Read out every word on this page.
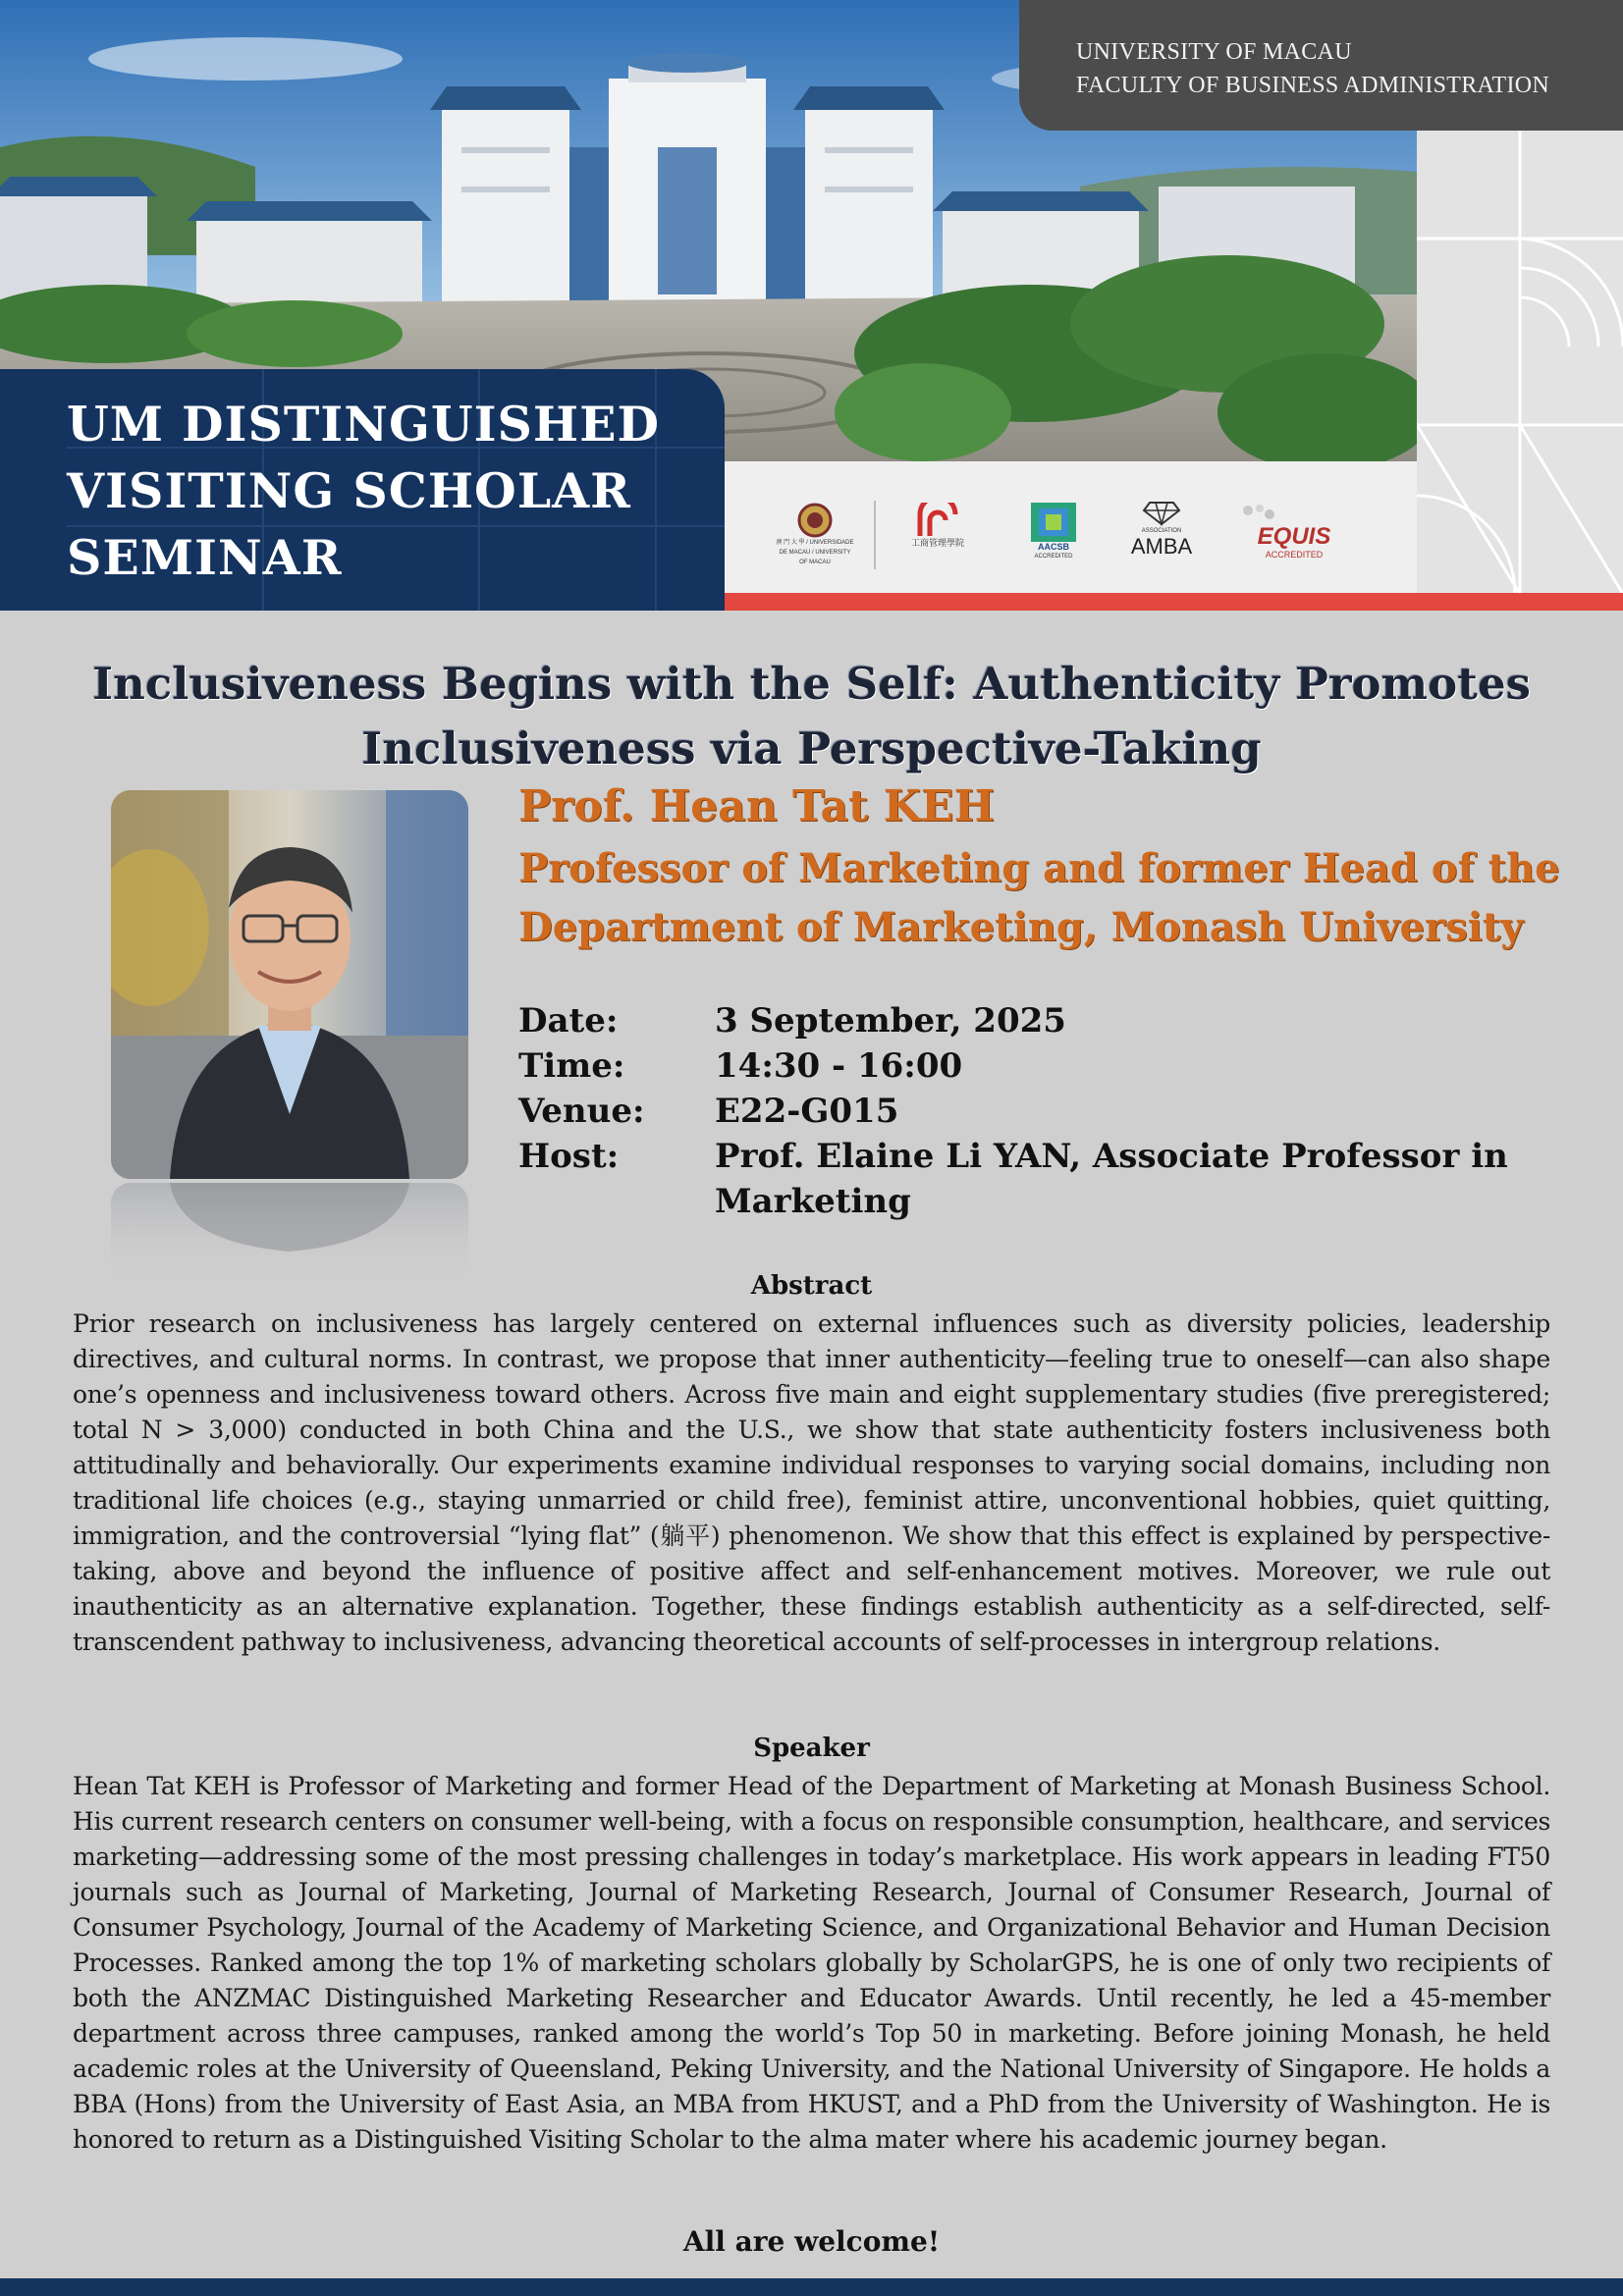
UNIVERSITY OF MACAU
FACULTY OF BUSINESS ADMINISTRATION
UM DISTINGUISHED
VISITING SCHOLAR
SEMINAR	澳 門 大 學 / UNIVERSIDADE DE MACAU / UNIVERSITY OF MACAU
工商管理學院	AACSB
ACCREDITED
ASSOCIATION
AMBA	EQUIS
ACCREDITED
Inclusiveness Begins with the Self: Authenticity Promotes
Inclusiveness via Perspective-Taking
Prof. Hean Tat KEH
Professor of Marketing and former Head of the
Department of Marketing, Monash University
Date:	3 September, 2025
Time:	14:30 - 16:00
Venue:	E22-G015
Host:	Prof. Elaine Li YAN, Associate Professor in
Marketing
Abstract
Prior research on inclusiveness has largely centered on external influences such as diversity policies, leadership directives, and cultural norms. In contrast, we propose that inner authenticity—feeling true to oneself—can also shape one’s openness and inclusiveness toward others. Across five main and eight supplementary studies (five preregistered; total N > 3,000) conducted in both China and the U.S., we show that state authenticity fosters inclusiveness both attitudinally and behaviorally. Our experiments examine individual responses to varying social domains, including non traditional life choices (e.g., staying unmarried or child free), feminist attire, unconventional hobbies, quiet quitting, immigration, and the controversial “lying flat” (躺平) phenomenon. We show that this effect is explained by perspective-taking, above and beyond the influence of positive affect and self-enhancement motives. Moreover, we rule out inauthenticity as an alternative explanation. Together, these findings establish authenticity as a self-directed, self-transcendent pathway to inclusiveness, advancing theoretical accounts of self-processes in intergroup relations.
Speaker
Hean Tat KEH is Professor of Marketing and former Head of the Department of Marketing at Monash Business School. His current research centers on consumer well-being, with a focus on responsible consumption, healthcare, and services marketing—addressing some of the most pressing challenges in today’s marketplace. His work appears in leading FT50 journals such as Journal of Marketing, Journal of Marketing Research, Journal of Consumer Research, Journal of Consumer Psychology, Journal of the Academy of Marketing Science, and Organizational Behavior and Human Decision Processes. Ranked among the top 1% of marketing scholars globally by ScholarGPS, he is one of only two recipients of both the ANZMAC Distinguished Marketing Researcher and Educator Awards. Until recently, he led a 45-member department across three campuses, ranked among the world’s Top 50 in marketing. Before joining Monash, he held academic roles at the University of Queensland, Peking University, and the National University of Singapore. He holds a BBA (Hons) from the University of East Asia, an MBA from HKUST, and a PhD from the University of Washington. He is honored to return as a Distinguished Visiting Scholar to the alma mater where his academic journey began.
All are welcome!
